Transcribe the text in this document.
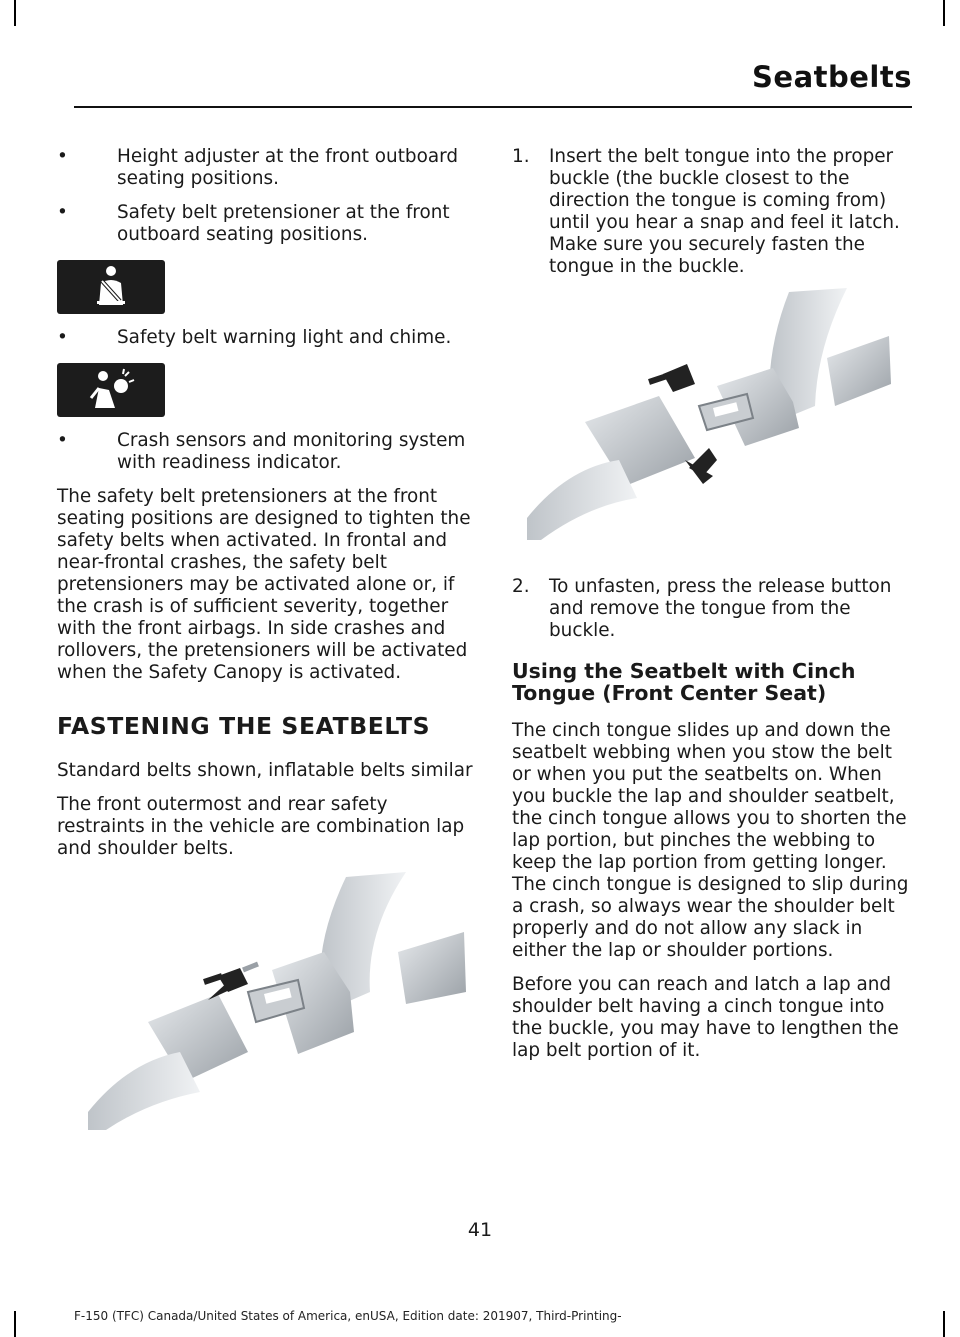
Seatbelts
•	Height adjuster at the front outboard seating positions.
•	Safety belt pretensioner at the front outboard seating positions.
•	Safety belt warning light and chime.
•	Crash sensors and monitoring system with readiness indicator.

The safety belt pretensioners at the front seating positions are designed to tighten the safety belts when activated. In frontal and near-frontal crashes, the safety belt pretensioners may be activated alone or, if the crash is of sufficient severity, together with the front airbags. In side crashes and rollovers, the pretensioners will be activated when the Safety Canopy is activated.

FASTENING THE SEATBELTS

Standard belts shown, inflatable belts similar

The front outermost and rear safety restraints in the vehicle are combination lap and shoulder belts.

1. Insert the belt tongue into the proper buckle (the buckle closest to the direction the tongue is coming from) until you hear a snap and feel it latch. Make sure you securely fasten the tongue in the buckle.
2. To unfasten, press the release button and remove the tongue from the buckle.
Using the Seatbelt with Cinch Tongue (Front Center Seat)

The cinch tongue slides up and down the seatbelt webbing when you stow the belt or when you put the seatbelts on. When you buckle the lap and shoulder seatbelt, the cinch tongue allows you to shorten the lap portion, but pinches the webbing to keep the lap portion from getting longer. The cinch tongue is designed to slip during a crash, so always wear the shoulder belt properly and do not allow any slack in either the lap or shoulder portions.

Before you can reach and latch a lap and shoulder belt having a cinch tongue into the buckle, you may have to lengthen the lap belt portion of it.

41
F-150 (TFC) Canada/United States of America, enUSA, Edition date: 201907, Third-Printing-
